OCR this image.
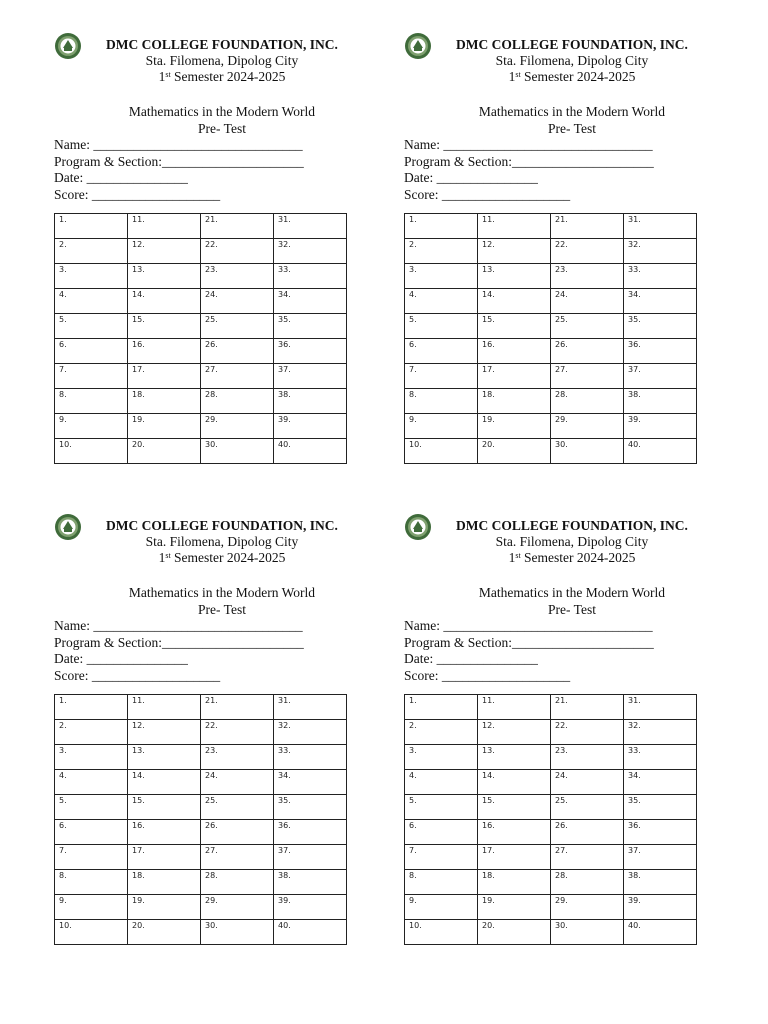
DMC COLLEGE FOUNDATION, INC.
Sta. Filomena, Dipolog City
1st Semester 2024-2025
Mathematics in the Modern World
Pre- Test
Name: _______________________________
Program & Section:_____________________
Date: _______________
Score: ___________________
1.	11.	21.	31.
2.	12.	22.	32.
3.	13.	23.	33.
4.	14.	24.	34.
5.	15.	25.	35.
6.	16.	26.	36.
7.	17.	27.	37.
8.	18.	28.	38.
9.	19.	29.	39.
10.	20.	30.	40.
DMC COLLEGE FOUNDATION, INC.
Sta. Filomena, Dipolog City
1st Semester 2024-2025
Mathematics in the Modern World
Pre- Test
Name: _______________________________
Program & Section:_____________________
Date: _______________
Score: ___________________
1.	11.	21.	31.
2.	12.	22.	32.
3.	13.	23.	33.
4.	14.	24.	34.
5.	15.	25.	35.
6.	16.	26.	36.
7.	17.	27.	37.
8.	18.	28.	38.
9.	19.	29.	39.
10.	20.	30.	40.
DMC COLLEGE FOUNDATION, INC.
Sta. Filomena, Dipolog City
1st Semester 2024-2025
Mathematics in the Modern World
Pre- Test
Name: _______________________________
Program & Section:_____________________
Date: _______________
Score: ___________________
1.	11.	21.	31.
2.	12.	22.	32.
3.	13.	23.	33.
4.	14.	24.	34.
5.	15.	25.	35.
6.	16.	26.	36.
7.	17.	27.	37.
8.	18.	28.	38.
9.	19.	29.	39.
10.	20.	30.	40.
DMC COLLEGE FOUNDATION, INC.
Sta. Filomena, Dipolog City
1st Semester 2024-2025
Mathematics in the Modern World
Pre- Test
Name: _______________________________
Program & Section:_____________________
Date: _______________
Score: ___________________
1.	11.	21.	31.
2.	12.	22.	32.
3.	13.	23.	33.
4.	14.	24.	34.
5.	15.	25.	35.
6.	16.	26.	36.
7.	17.	27.	37.
8.	18.	28.	38.
9.	19.	29.	39.
10.	20.	30.	40.
